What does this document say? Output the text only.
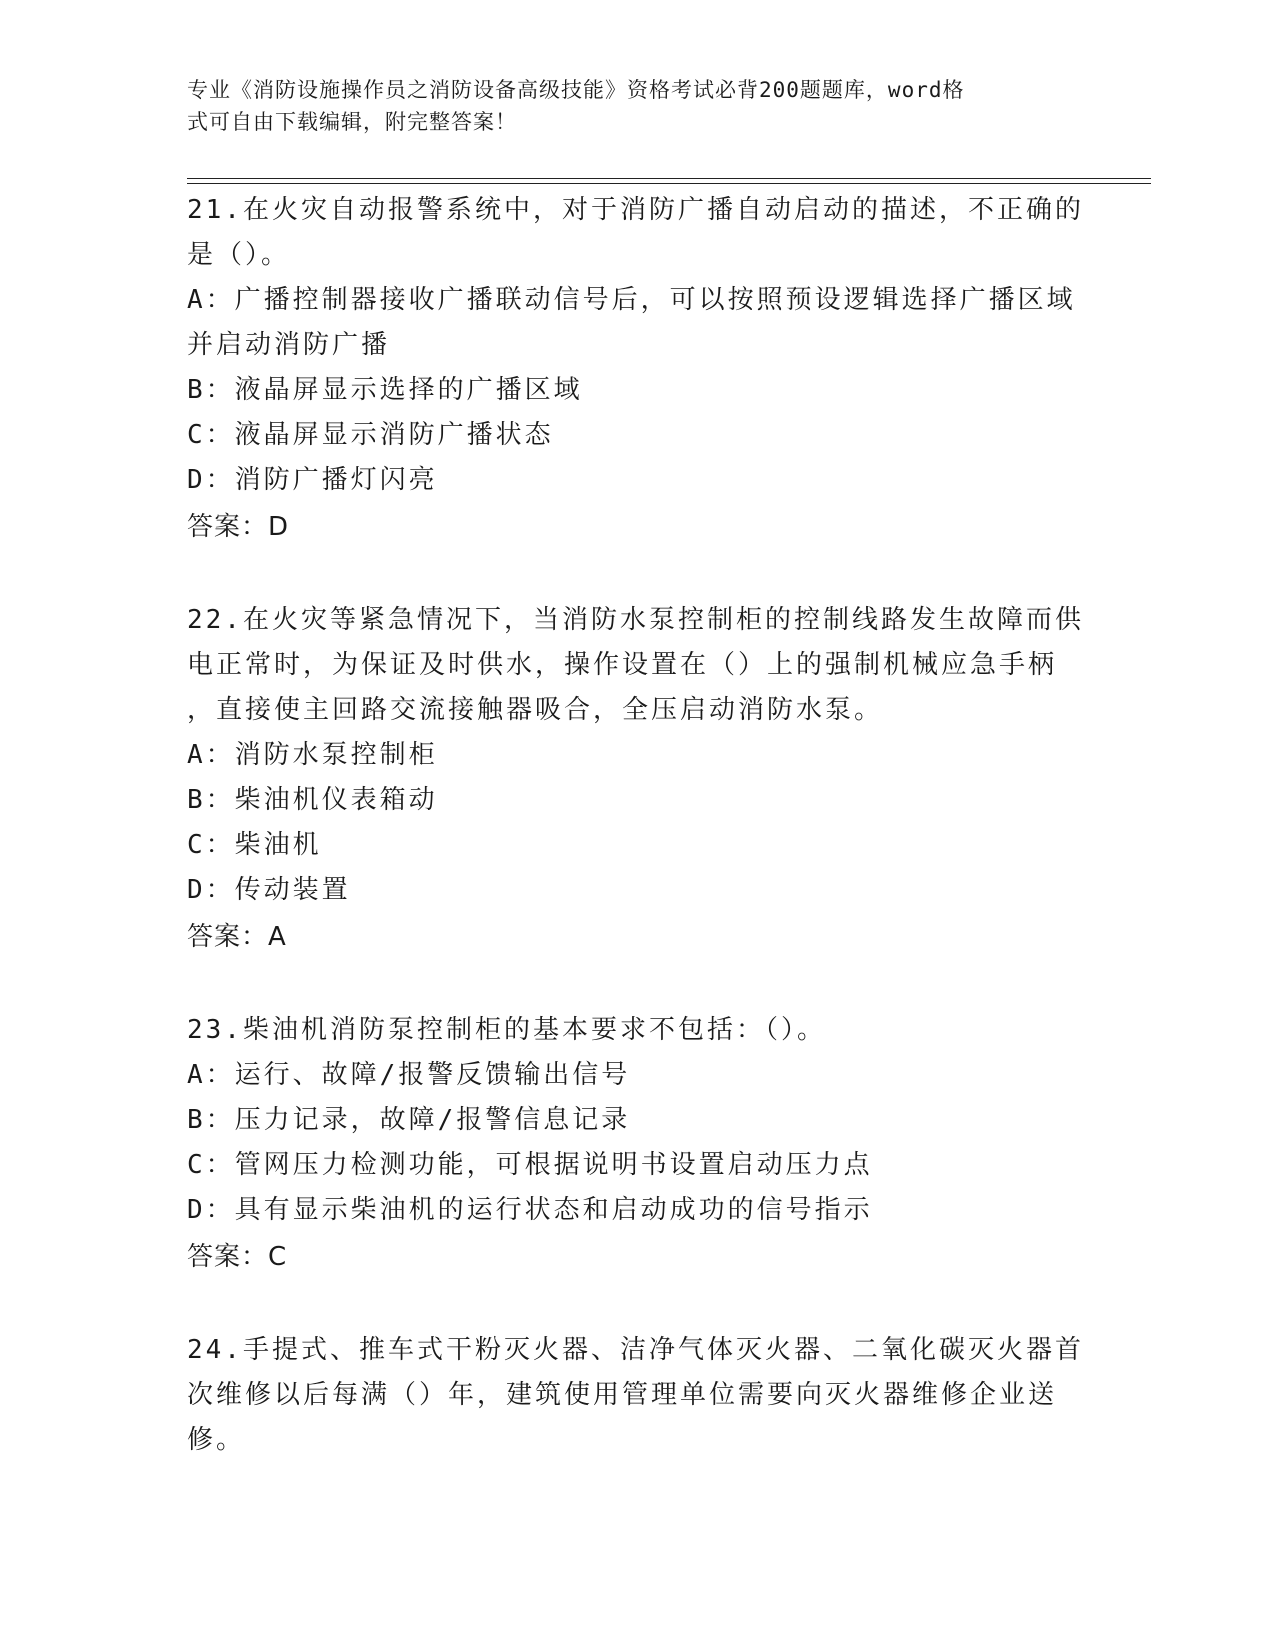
专业《消防设施操作员之消防设备高级技能》资格考试必背200题题库，word格
式可自由下载编辑，附完整答案！
21.在火灾自动报警系统中，对于消防广播自动启动的描述，不正确的
是（）。
A：广播控制器接收广播联动信号后，可以按照预设逻辑选择广播区域
并启动消防广播
B：液晶屏显示选择的广播区域
C：液晶屏显示消防广播状态
D：消防广播灯闪亮
答案：D
22.在火灾等紧急情况下，当消防水泵控制柜的控制线路发生故障而供
电正常时，为保证及时供水，操作设置在（）上的强制机械应急手柄
，直接使主回路交流接触器吸合，全压启动消防水泵。
A：消防水泵控制柜
B：柴油机仪表箱动
C：柴油机
D：传动装置
答案：A
23.柴油机消防泵控制柜的基本要求不包括：（）。
A：运行、故障/报警反馈输出信号
B：压力记录，故障/报警信息记录
C：管网压力检测功能，可根据说明书设置启动压力点
D：具有显示柴油机的运行状态和启动成功的信号指示
答案：C
24.手提式、推车式干粉灭火器、洁净气体灭火器、二氧化碳灭火器首
次维修以后每满（）年，建筑使用管理单位需要向灭火器维修企业送
修。
